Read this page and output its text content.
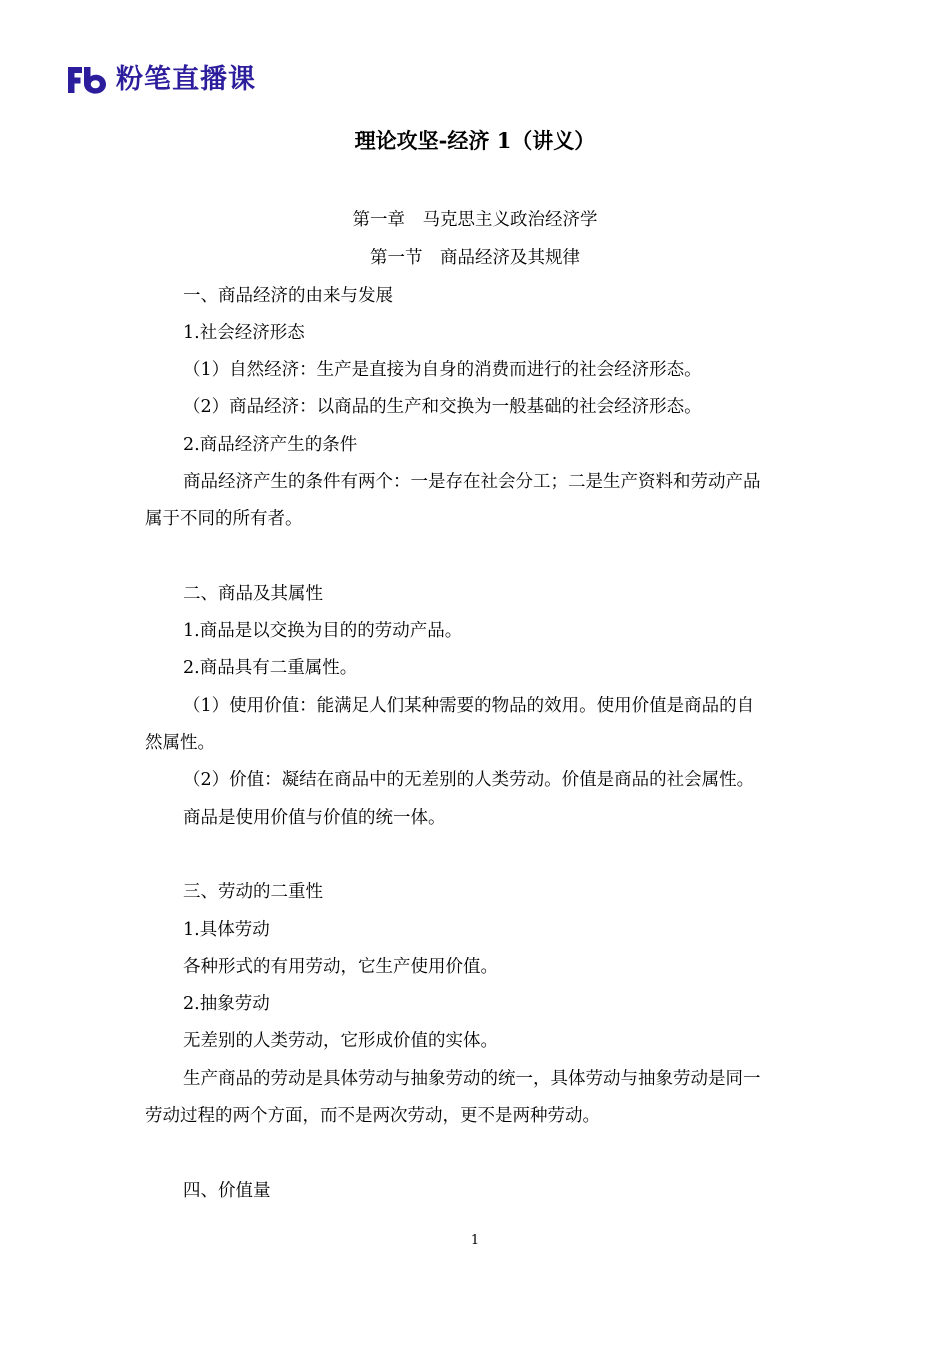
粉笔直播课
理论攻坚-经济 1（讲义）
第一章　马克思主义政治经济学
第一节　商品经济及其规律
一、商品经济的由来与发展
1.社会经济形态
（1）自然经济：生产是直接为自身的消费而进行的社会经济形态。
（2）商品经济：以商品的生产和交换为一般基础的社会经济形态。
2.商品经济产生的条件
商品经济产生的条件有两个：一是存在社会分工；二是生产资料和劳动产品
属于不同的所有者。
二、商品及其属性
1.商品是以交换为目的的劳动产品。
2.商品具有二重属性。
（1）使用价值：能满足人们某种需要的物品的效用。使用价值是商品的自
然属性。
（2）价值：凝结在商品中的无差别的人类劳动。价值是商品的社会属性。
商品是使用价值与价值的统一体。
三、劳动的二重性
1.具体劳动
各种形式的有用劳动，它生产使用价值。
2.抽象劳动
无差别的人类劳动，它形成价值的实体。
生产商品的劳动是具体劳动与抽象劳动的统一，具体劳动与抽象劳动是同一
劳动过程的两个方面，而不是两次劳动，更不是两种劳动。
四、价值量
1
